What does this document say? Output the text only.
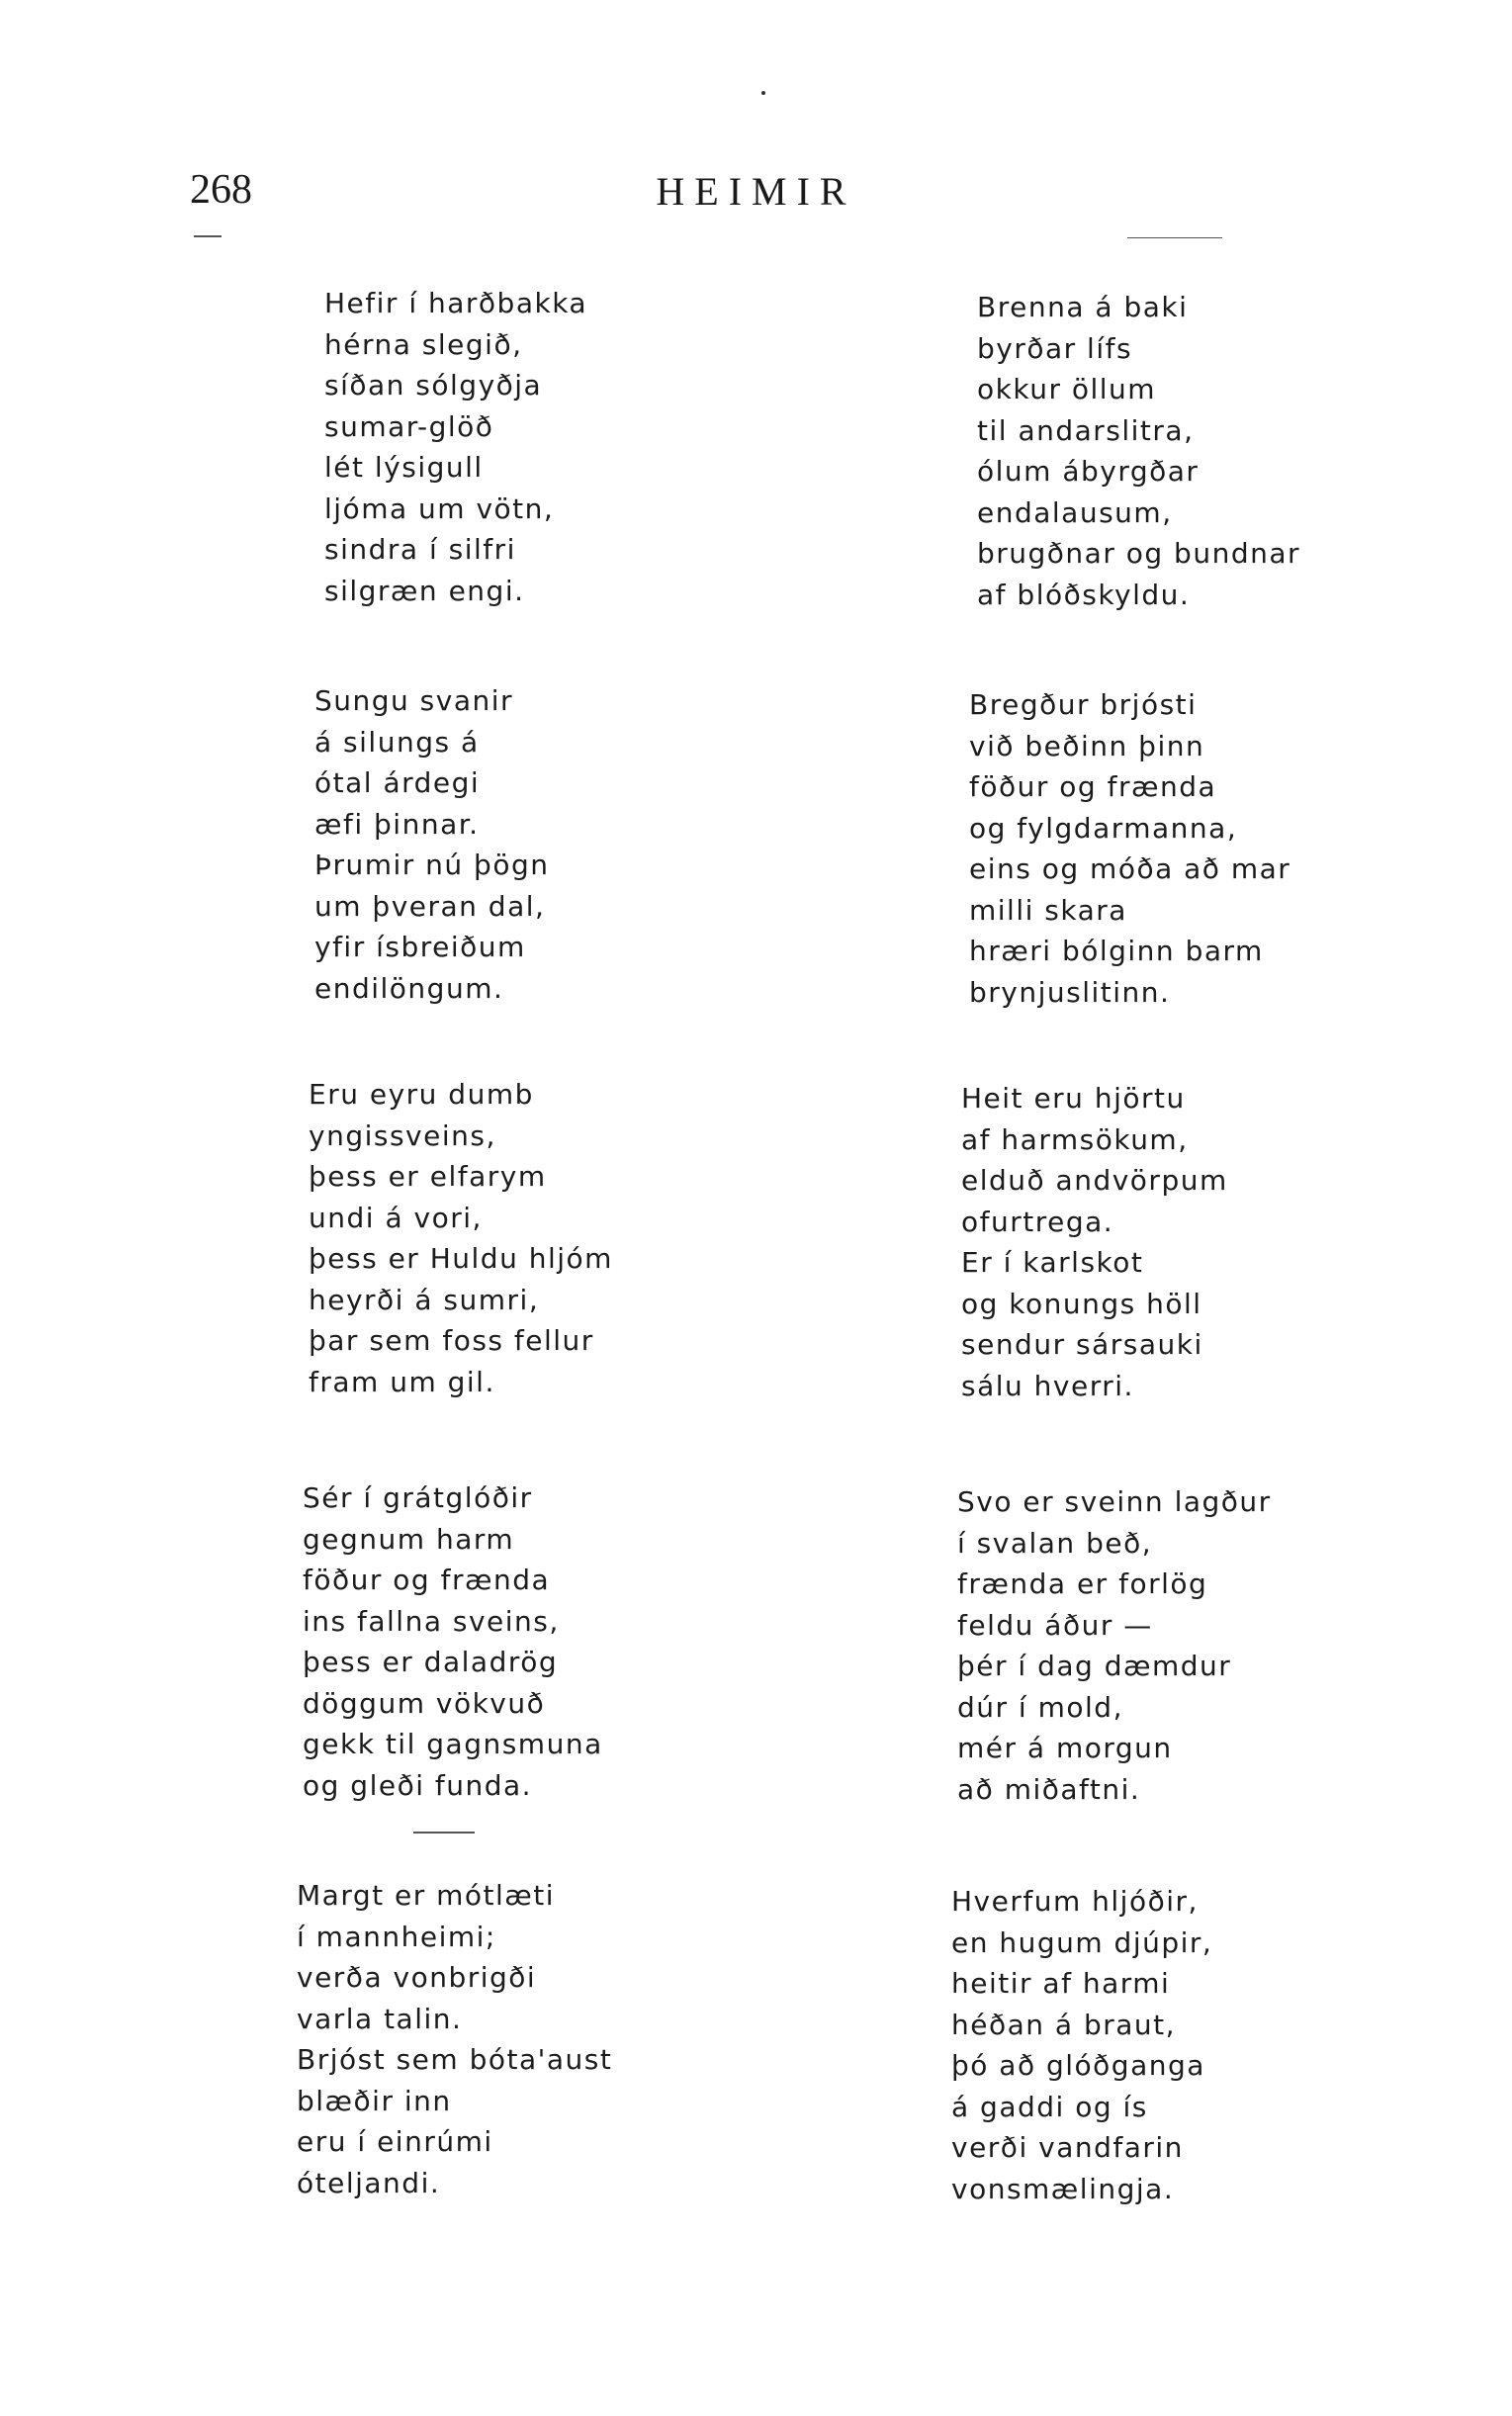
268	HEIMIR
Hefir í harðbakka
hérna slegið,
síðan sólgyðja
sumar-glöð
lét lýsigull
ljóma um vötn,
sindra í silfri
silgræn engi.
Sungu svanir
á silungs á
ótal árdegi
æfi þinnar.
Þrumir nú þögn
um þveran dal,
yfir ísbreiðum
endilöngum.
Eru eyru dumb
yngissveins,
þess er elfarym
undi á vori,
þess er Huldu hljóm
heyrði á sumri,
þar sem foss fellur
fram um gil.
Sér í grátglóðir
gegnum harm
föður og frænda
ins fallna sveins,
þess er daladrög
döggum vökvuð
gekk til gagnsmuna
og gleði funda.
Margt er mótlæti
í mannheimi;
verða vonbrigði
varla talin.
Brjóst sem bóta'aust
blæðir inn
eru í einrúmi
óteljandi.
Brenna á baki
byrðar lífs
okkur öllum
til andarslitra,
ólum ábyrgðar
endalausum,
brugðnar og bundnar
af blóðskyldu.
Bregður brjósti
við beðinn þinn
föður og frænda
og fylgdarmanna,
eins og móða að mar
milli skara
hræri bólginn barm
brynjuslitinn.
Heit eru hjörtu
af harmsökum,
elduð andvörpum
ofurtrega.
Er í karlskot
og konungs höll
sendur sársauki
sálu hverri.
Svo er sveinn lagður
í svalan beð,
frænda er forlög
feldu áður —
þér í dag dæmdur
dúr í mold,
mér á morgun
að miðaftni.
Hverfum hljóðir,
en hugum djúpir,
heitir af harmi
héðan á braut,
þó að glóðganga
á gaddi og ís
verði vandfarin
vonsmælingja.
